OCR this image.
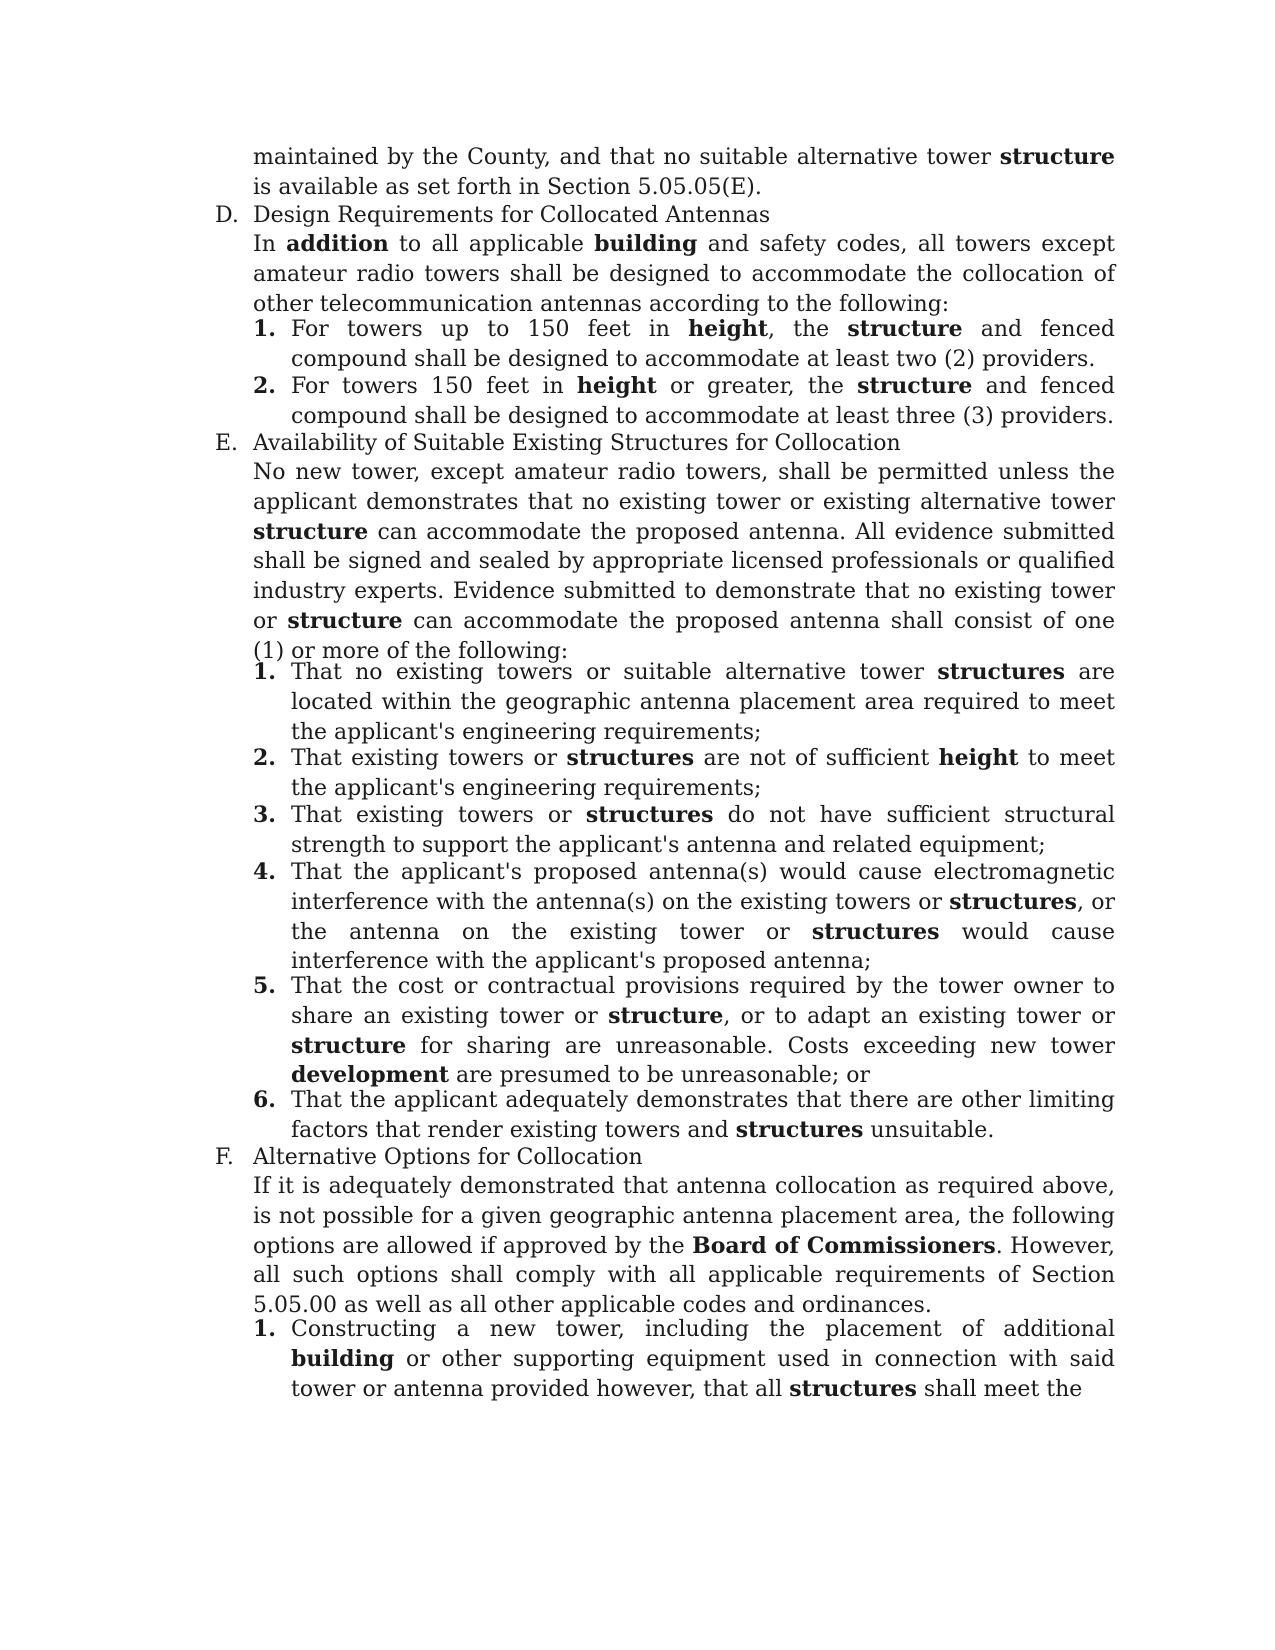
maintained by the County, and that no suitable alternative tower structure is available as set forth in Section 5.05.05(E).

D. Design Requirements for Collocated Antennas

In addition to all applicable building and safety codes, all towers except amateur radio towers shall be designed to accommodate the collocation of other telecommunication antennas according to the following:

1. For towers up to 150 feet in height, the structure and fenced compound shall be designed to accommodate at least two (2) providers.
2. For towers 150 feet in height or greater, the structure and fenced compound shall be designed to accommodate at least three (3) providers.
E. Availability of Suitable Existing Structures for Collocation

No new tower, except amateur radio towers, shall be permitted unless the applicant demonstrates that no existing tower or existing alternative tower structure can accommodate the proposed antenna. All evidence submitted shall be signed and sealed by appropriate licensed professionals or qualified industry experts. Evidence submitted to demonstrate that no existing tower or structure can accommodate the proposed antenna shall consist of one (1) or more of the following:

1. That no existing towers or suitable alternative tower structures are located within the geographic antenna placement area required to meet the applicant's engineering requirements;
2. That existing towers or structures are not of sufficient height to meet the applicant's engineering requirements;
3. That existing towers or structures do not have sufficient structural strength to support the applicant's antenna and related equipment;
4. That the applicant's proposed antenna(s) would cause electromagnetic interference with the antenna(s) on the existing towers or structures, or the antenna on the existing tower or structures would cause interference with the applicant's proposed antenna;
5. That the cost or contractual provisions required by the tower owner to share an existing tower or structure, or to adapt an existing tower or structure for sharing are unreasonable. Costs exceeding new tower development are presumed to be unreasonable; or
6. That the applicant adequately demonstrates that there are other limiting factors that render existing towers and structures unsuitable.
F. Alternative Options for Collocation

If it is adequately demonstrated that antenna collocation as required above, is not possible for a given geographic antenna placement area, the following options are allowed if approved by the Board of Commissioners. However, all such options shall comply with all applicable requirements of Section 5.05.00 as well as all other applicable codes and ordinances.

1. Constructing a new tower, including the placement of additional building or other supporting equipment used in connection with said tower or antenna provided however, that all structures shall meet the
